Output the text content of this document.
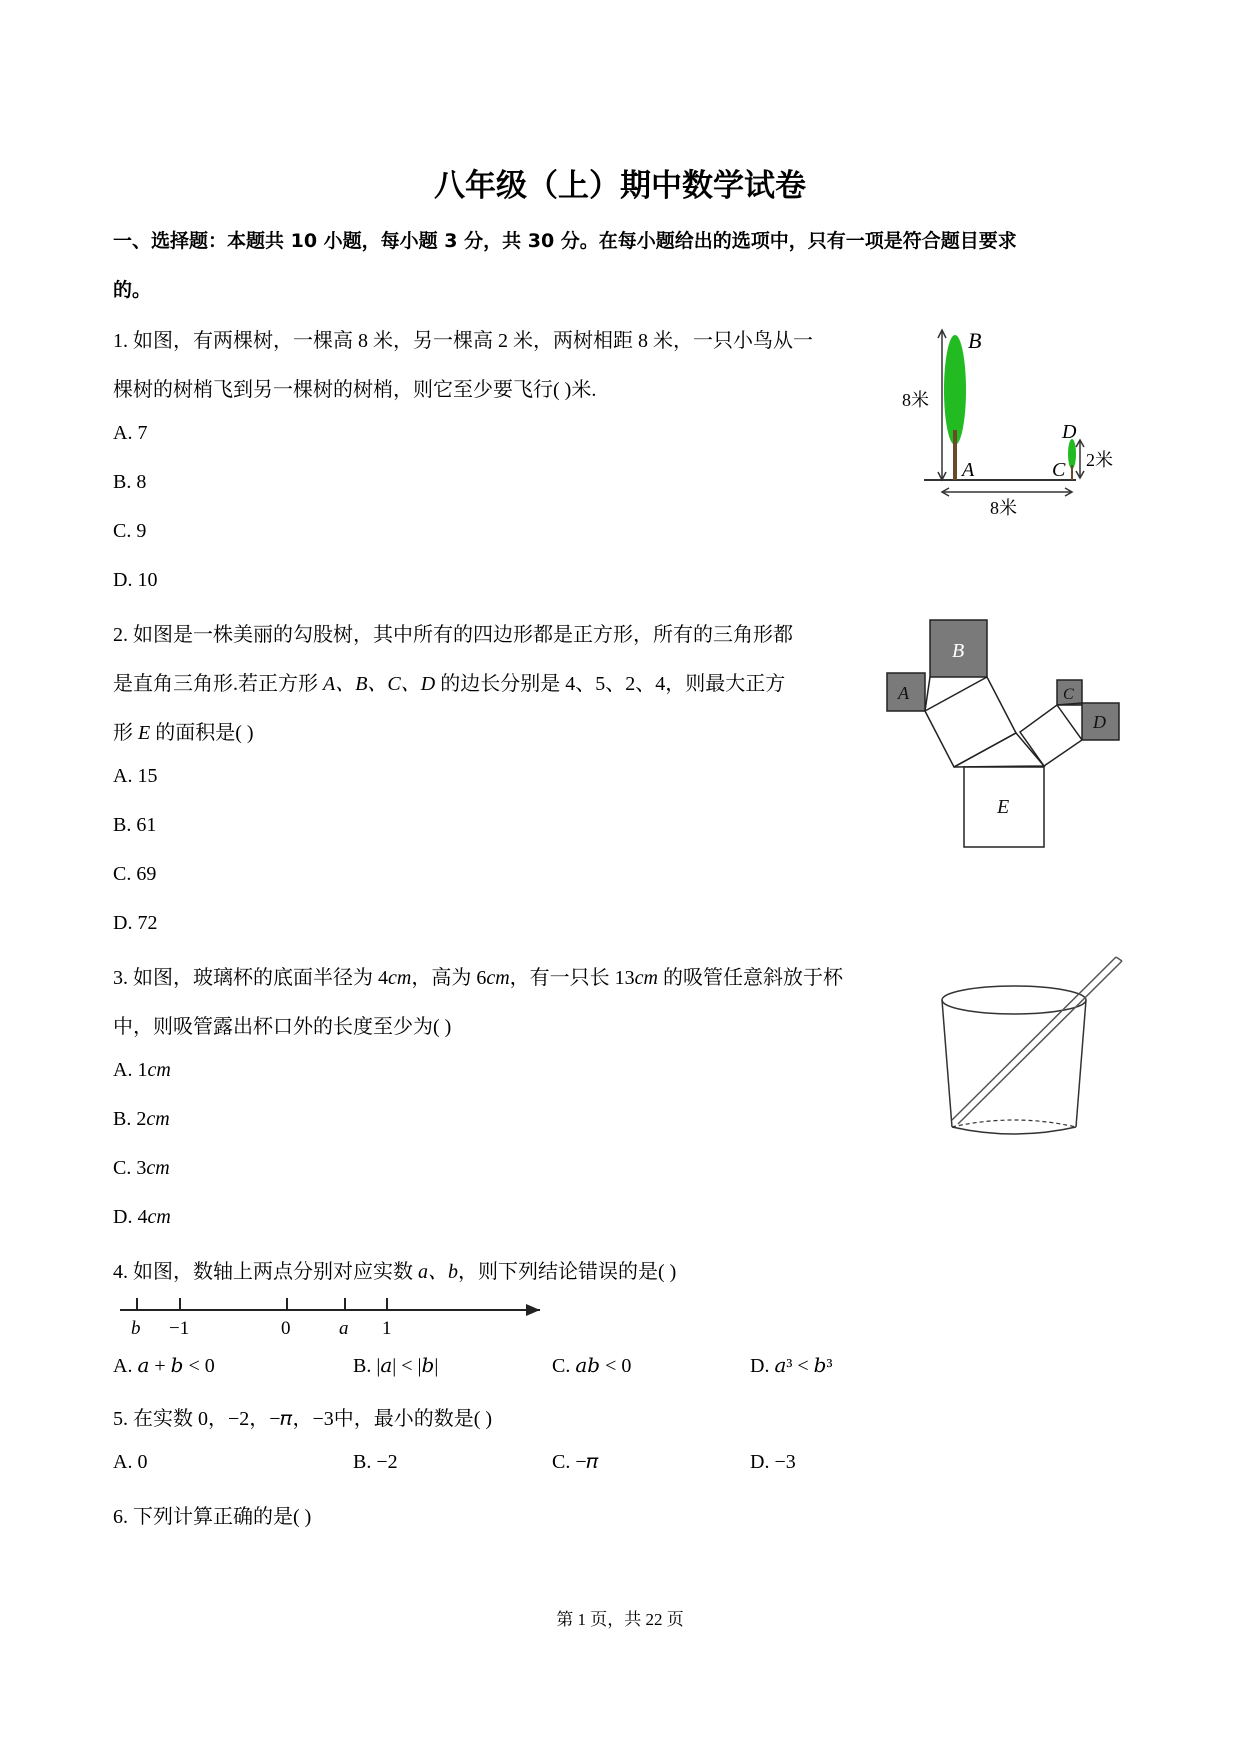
八年级（上）期中数学试卷
一、选择题：本题共 10 小题，每小题 3 分，共 30 分。在每小题给出的选项中，只有一项是符合题目要求
的。
1. 如图，有两棵树，一棵高 8 米，另一棵高 2 米，两树相距 8 米，一只小鸟从一
棵树的树梢飞到另一棵树的树梢，则它至少要飞行( )米.
A. 7
B. 8
C. 9
D. 10
B
A
8米
D
C 2米
8米
2. 如图是一株美丽的勾股树，其中所有的四边形都是正方形，所有的三角形都
是直角三角形.若正方形 A、B、C、D 的边长分别是 4、5、2、4，则最大正方
形 E 的面积是( )
A. 15
B. 61
C. 69
D. 72
B
A	C
D
E
3. 如图，玻璃杯的底面半径为 4cm，高为 6cm，有一只长 13cm 的吸管任意斜放于杯
中，则吸管露出杯口外的长度至少为( )
A. 1cm
B. 2cm
C. 3cm
D. 4cm
4. 如图，数轴上两点分别对应实数 a、b，则下列结论错误的是( )
b −1	0	a 1
A. 𝑎 + 𝑏 < 0	B. |𝑎| < |𝑏|	C. 𝑎𝑏 < 0	D. 𝑎³ < 𝑏³
5. 在实数 0，−2，−𝜋，−3中，最小的数是( )
A. 0	B. −2	C. −𝜋	D. −3
6. 下列计算正确的是( )
第 1 页，共 22 页
